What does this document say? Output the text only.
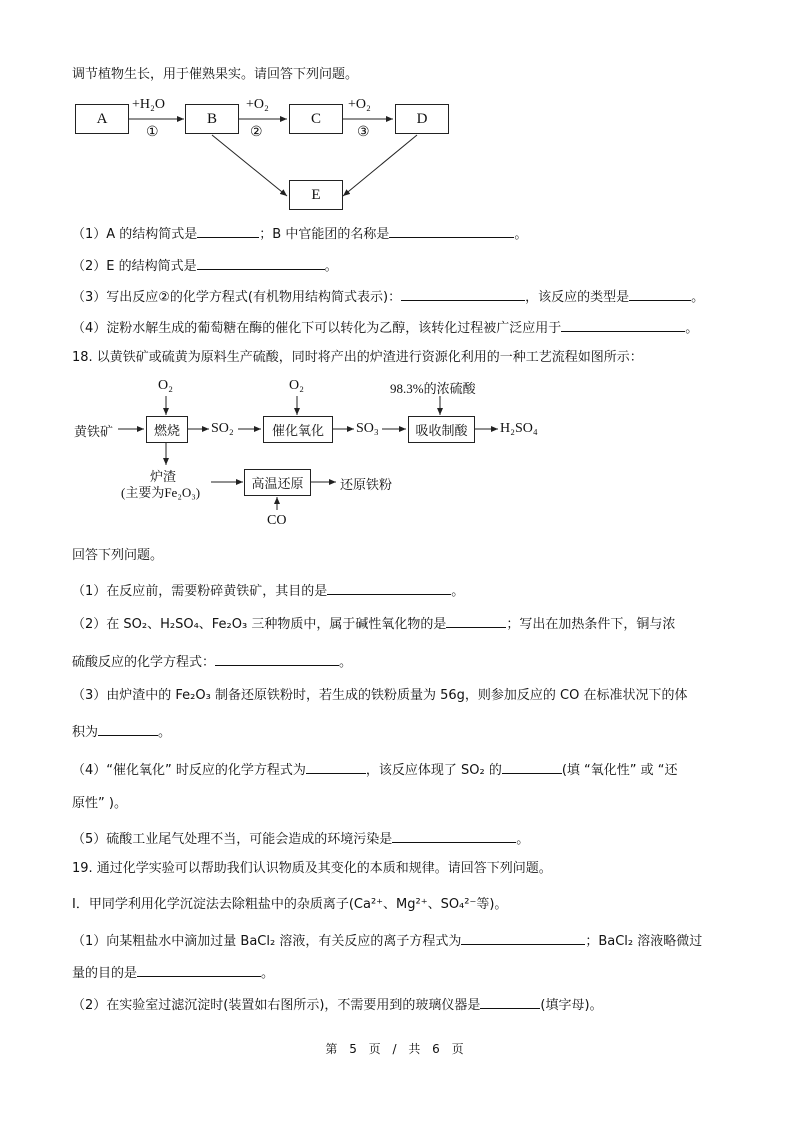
调节植物生长，用于催熟果实。请回答下列问题。
A	B	C	D
E
+H₂O
①
+O₂
②
+O₂
③
（1）A 的结构简式是	；B 中官能团的名称是	。
（2）E 的结构简式是	。
（3）写出反应②的化学方程式(有机物用结构简式表示)：	，该反应的类型是	。
（4）淀粉水解生成的葡萄糖在酶的催化下可以转化为乙醇，该转化过程被广泛应用于	。
18. 以黄铁矿或硫黄为原料生产硫酸，同时将产出的炉渣进行资源化利用的一种工艺流程如图所示：
黄铁矿
O₂
燃烧	SO₂
O₂
催化氧化	SO₃
98.3%的浓硫酸
吸收制酸	H₂SO₄
炉渣
(主要为Fe₂O₃)
高温还原
CO
还原铁粉
回答下列问题。
（1）在反应前，需要粉碎黄铁矿，其目的是	。
（2）在 SO₂、H₂SO₄、Fe₂O₃ 三种物质中，属于碱性氧化物的是	；写出在加热条件下，铜与浓
硫酸反应的化学方程式：	。
（3）由炉渣中的 Fe₂O₃ 制备还原铁粉时，若生成的铁粉质量为 56g，则参加反应的 CO 在标准状况下的体
积为	。
（4）“催化氧化” 时反应的化学方程式为	，该反应体现了 SO₂ 的	(填 “氧化性” 或 “还
原性” )。
（5）硫酸工业尾气处理不当，可能会造成的环境污染是	。
19. 通过化学实验可以帮助我们认识物质及其变化的本质和规律。请回答下列问题。
I．甲同学利用化学沉淀法去除粗盐中的杂质离子(Ca²⁺、Mg²⁺、SO₄²⁻等)。
（1）向某粗盐水中滴加过量 BaCl₂ 溶液，有关反应的离子方程式为	；BaCl₂ 溶液略微过
量的目的是	。
（2）在实验室过滤沉淀时(装置如右图所示)，不需要用到的玻璃仪器是	(填字母)。
第 5 页 / 共 6 页
